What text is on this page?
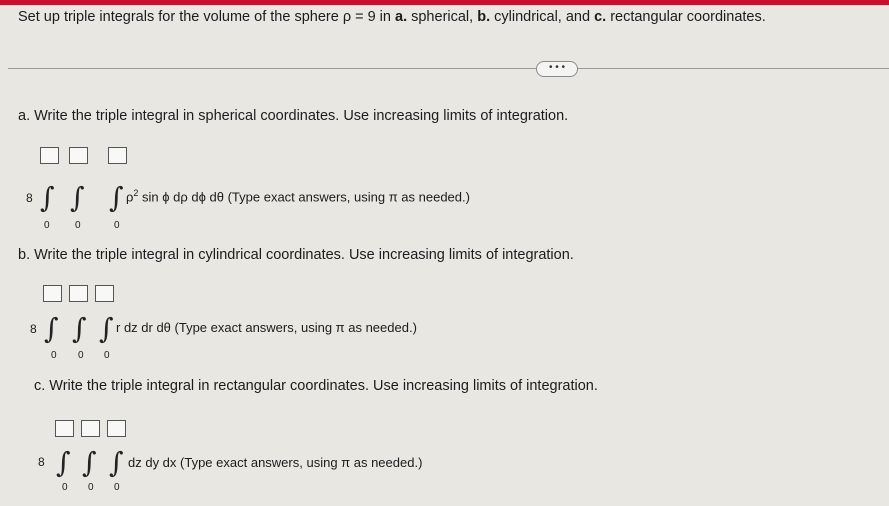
Set up triple integrals for the volume of the sphere ρ = 9 in a. spherical, b. cylindrical, and c. rectangular coordinates.
• • •
a. Write the triple integral in spherical coordinates. Use increasing limits of integration.
8 ∫ ∫ ∫
0	0	0
$\rho^2$ sin ϕ dρ dϕ dθ (Type exact answers, using π as needed.)
b. Write the triple integral in cylindrical coordinates. Use increasing limits of integration.
8 ∫ ∫ ∫
0 0 0
r dz dr dθ (Type exact answers, using π as needed.)
c. Write the triple integral in rectangular coordinates. Use increasing limits of integration.
8 ∫ ∫ ∫
0 0 0
dz dy dx (Type exact answers, using π as needed.)
